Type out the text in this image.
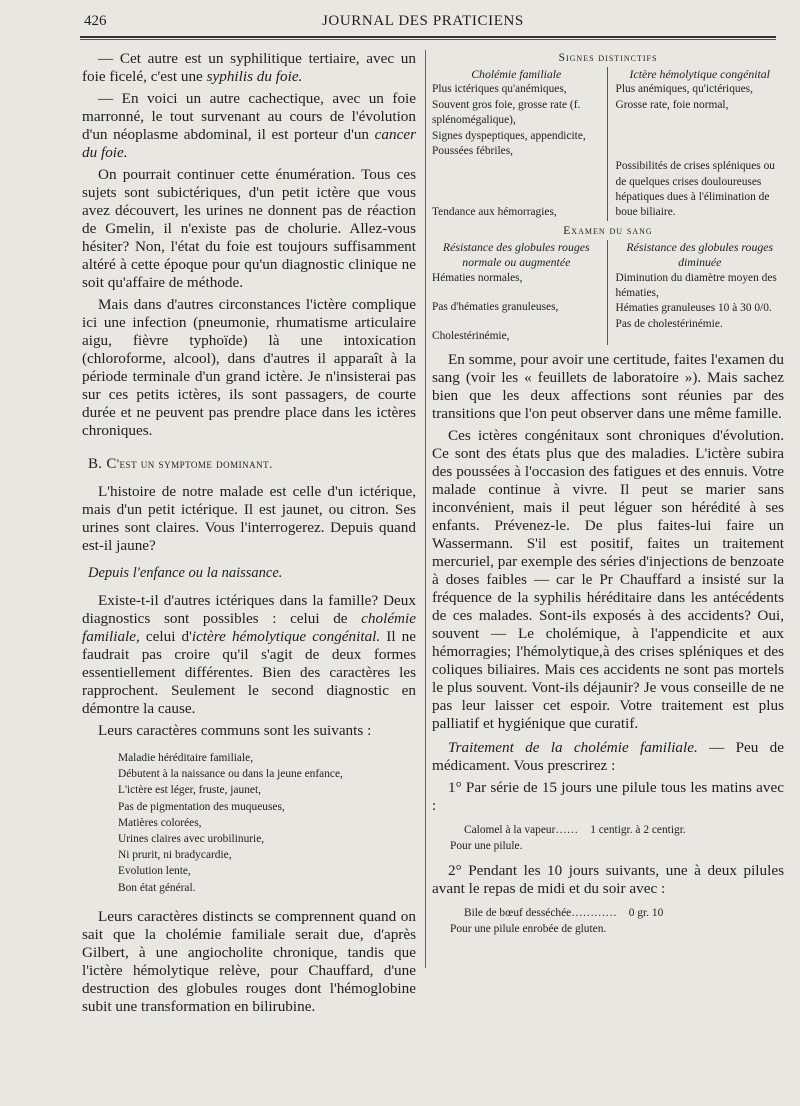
426	JOURNAL DES PRATICIENS

— Cet autre est un syphilitique tertiaire, avec un foie ficelé, c'est une syphilis du foie.

— En voici un autre cachectique, avec un foie marronné, le tout survenant au cours de l'évolution d'un néoplasme abdominal, il est porteur d'un cancer du foie.

On pourrait continuer cette énumération. Tous ces sujets sont subictériques, d'un petit ictère que vous avez découvert, les urines ne donnent pas de réaction de Gmelin, il n'existe pas de cholurie. Allez-vous hésiter? Non, l'état du foie est toujours suffisamment altéré à cette époque pour qu'un diagnostic clinique ne soit qu'affaire de méthode.

Mais dans d'autres circonstances l'ictère complique ici une infection (pneumonie, rhumatisme articulaire aigu, fièvre typhoïde) là une intoxication (chloroforme, alcool), dans d'autres il apparaît à la période terminale d'un grand ictère. Je n'insisterai pas sur ces petits ictères, ils sont passagers, de courte durée et ne peuvent pas prendre place dans les ictères chroniques.

B. C'est un symptome dominant.

L'histoire de notre malade est celle d'un ictérique, mais d'un petit ictérique. Il est jaunet, ou citron. Ses urines sont claires. Vous l'interrogerez. Depuis quand est-il jaune?

Depuis l'enfance ou la naissance.

Existe-t-il d'autres ictériques dans la famille? Deux diagnostics sont possibles : celui de cholémie familiale, celui d'ictère hémolytique congénital. Il ne faudrait pas croire qu'il s'agit de deux formes essentiellement différentes. Bien des caractères les rapprochent. Seulement le second diagnostic en démontre la cause.

Leurs caractères communs sont les suivants :

Maladie héréditaire familiale,
Débutent à la naissance ou dans la jeune enfance,
L'ictère est léger, fruste, jaunet,
Pas de pigmentation des muqueuses,
Matières colorées,
Urines claires avec urobilinurie,
Ni prurit, ni bradycardie,
Evolution lente,
Bon état général.

Leurs caractères distincts se comprennent quand on sait que la cholémie familiale serait due, d'après Gilbert, à une angiocholite chronique, tandis que l'ictère hémolytique relève, pour Chauffard, d'une destruction des globules rouges dont l'hémoglobine subit une transformation en bilirubine.

Signes distinctifs
Cholémie familiale
Plus ictériques qu'anémiques,
Souvent gros foie, grosse rate (f. splénomégalique),
Signes dyspeptiques, appendicite,
Poussées fébriles,
Tendance aux hémorragies,
Ictère hémolytique congénital
Plus anémiques, qu'ictériques,
Grosse rate, foie normal,
Possibilités de crises spléniques ou de quelques crises douloureuses hépatiques dues à l'élimination de boue biliaire.
Examen du sang
Résistance des globules rouges normale ou augmentée
Hématies normales,
Pas d'hématies granuleuses,
Cholestérinémie,
Résistance des globules rouges diminuée
Diminution du diamètre moyen des hématies,
Hématies granuleuses 10 à 30 0/0.
Pas de cholestérinémie.

En somme, pour avoir une certitude, faites l'examen du sang (voir les « feuillets de laboratoire »). Mais sachez bien que les deux affections sont réunies par des transitions que l'on peut observer dans une même famille.

Ces ictères congénitaux sont chroniques d'évolution. Ce sont des états plus que des maladies. L'ictère subira des poussées à l'occasion des fatigues et des ennuis. Votre malade continue à vivre. Il peut se marier sans inconvénient, mais il peut léguer son hérédité à ses enfants. Prévenez-le. De plus faites-lui faire un Wassermann. S'il est positif, faites un traitement mercuriel, par exemple des séries d'injections de benzoate à doses faibles — car le Pr Chauffard a insisté sur la fréquence de la syphilis héréditaire dans les antécédents de ces malades. Sont-ils exposés à des accidents? Oui, souvent — Le cholémique, à l'appendicite et aux hémorragies; l'hémolytique,à des crises spléniques et des coliques biliaires. Mais ces accidents ne sont pas mortels le plus souvent. Vont-ils déjaunir? Je vous conseille de ne pas leur laisser cet espoir. Votre traitement est plus palliatif et hygiénique que curatif.

Traitement de la cholémie familiale. — Peu de médicament. Vous prescrirez :

1° Par série de 15 jours une pilule tous les matins avec :

Calomel à la vapeur…… 1 centigr. à 2 centigr.
Pour une pilule.

2° Pendant les 10 jours suivants, une à deux pilules avant le repas de midi et du soir avec :

Bile de bœuf desséchée………… 0 gr. 10
Pour une pilule enrobée de gluten.
